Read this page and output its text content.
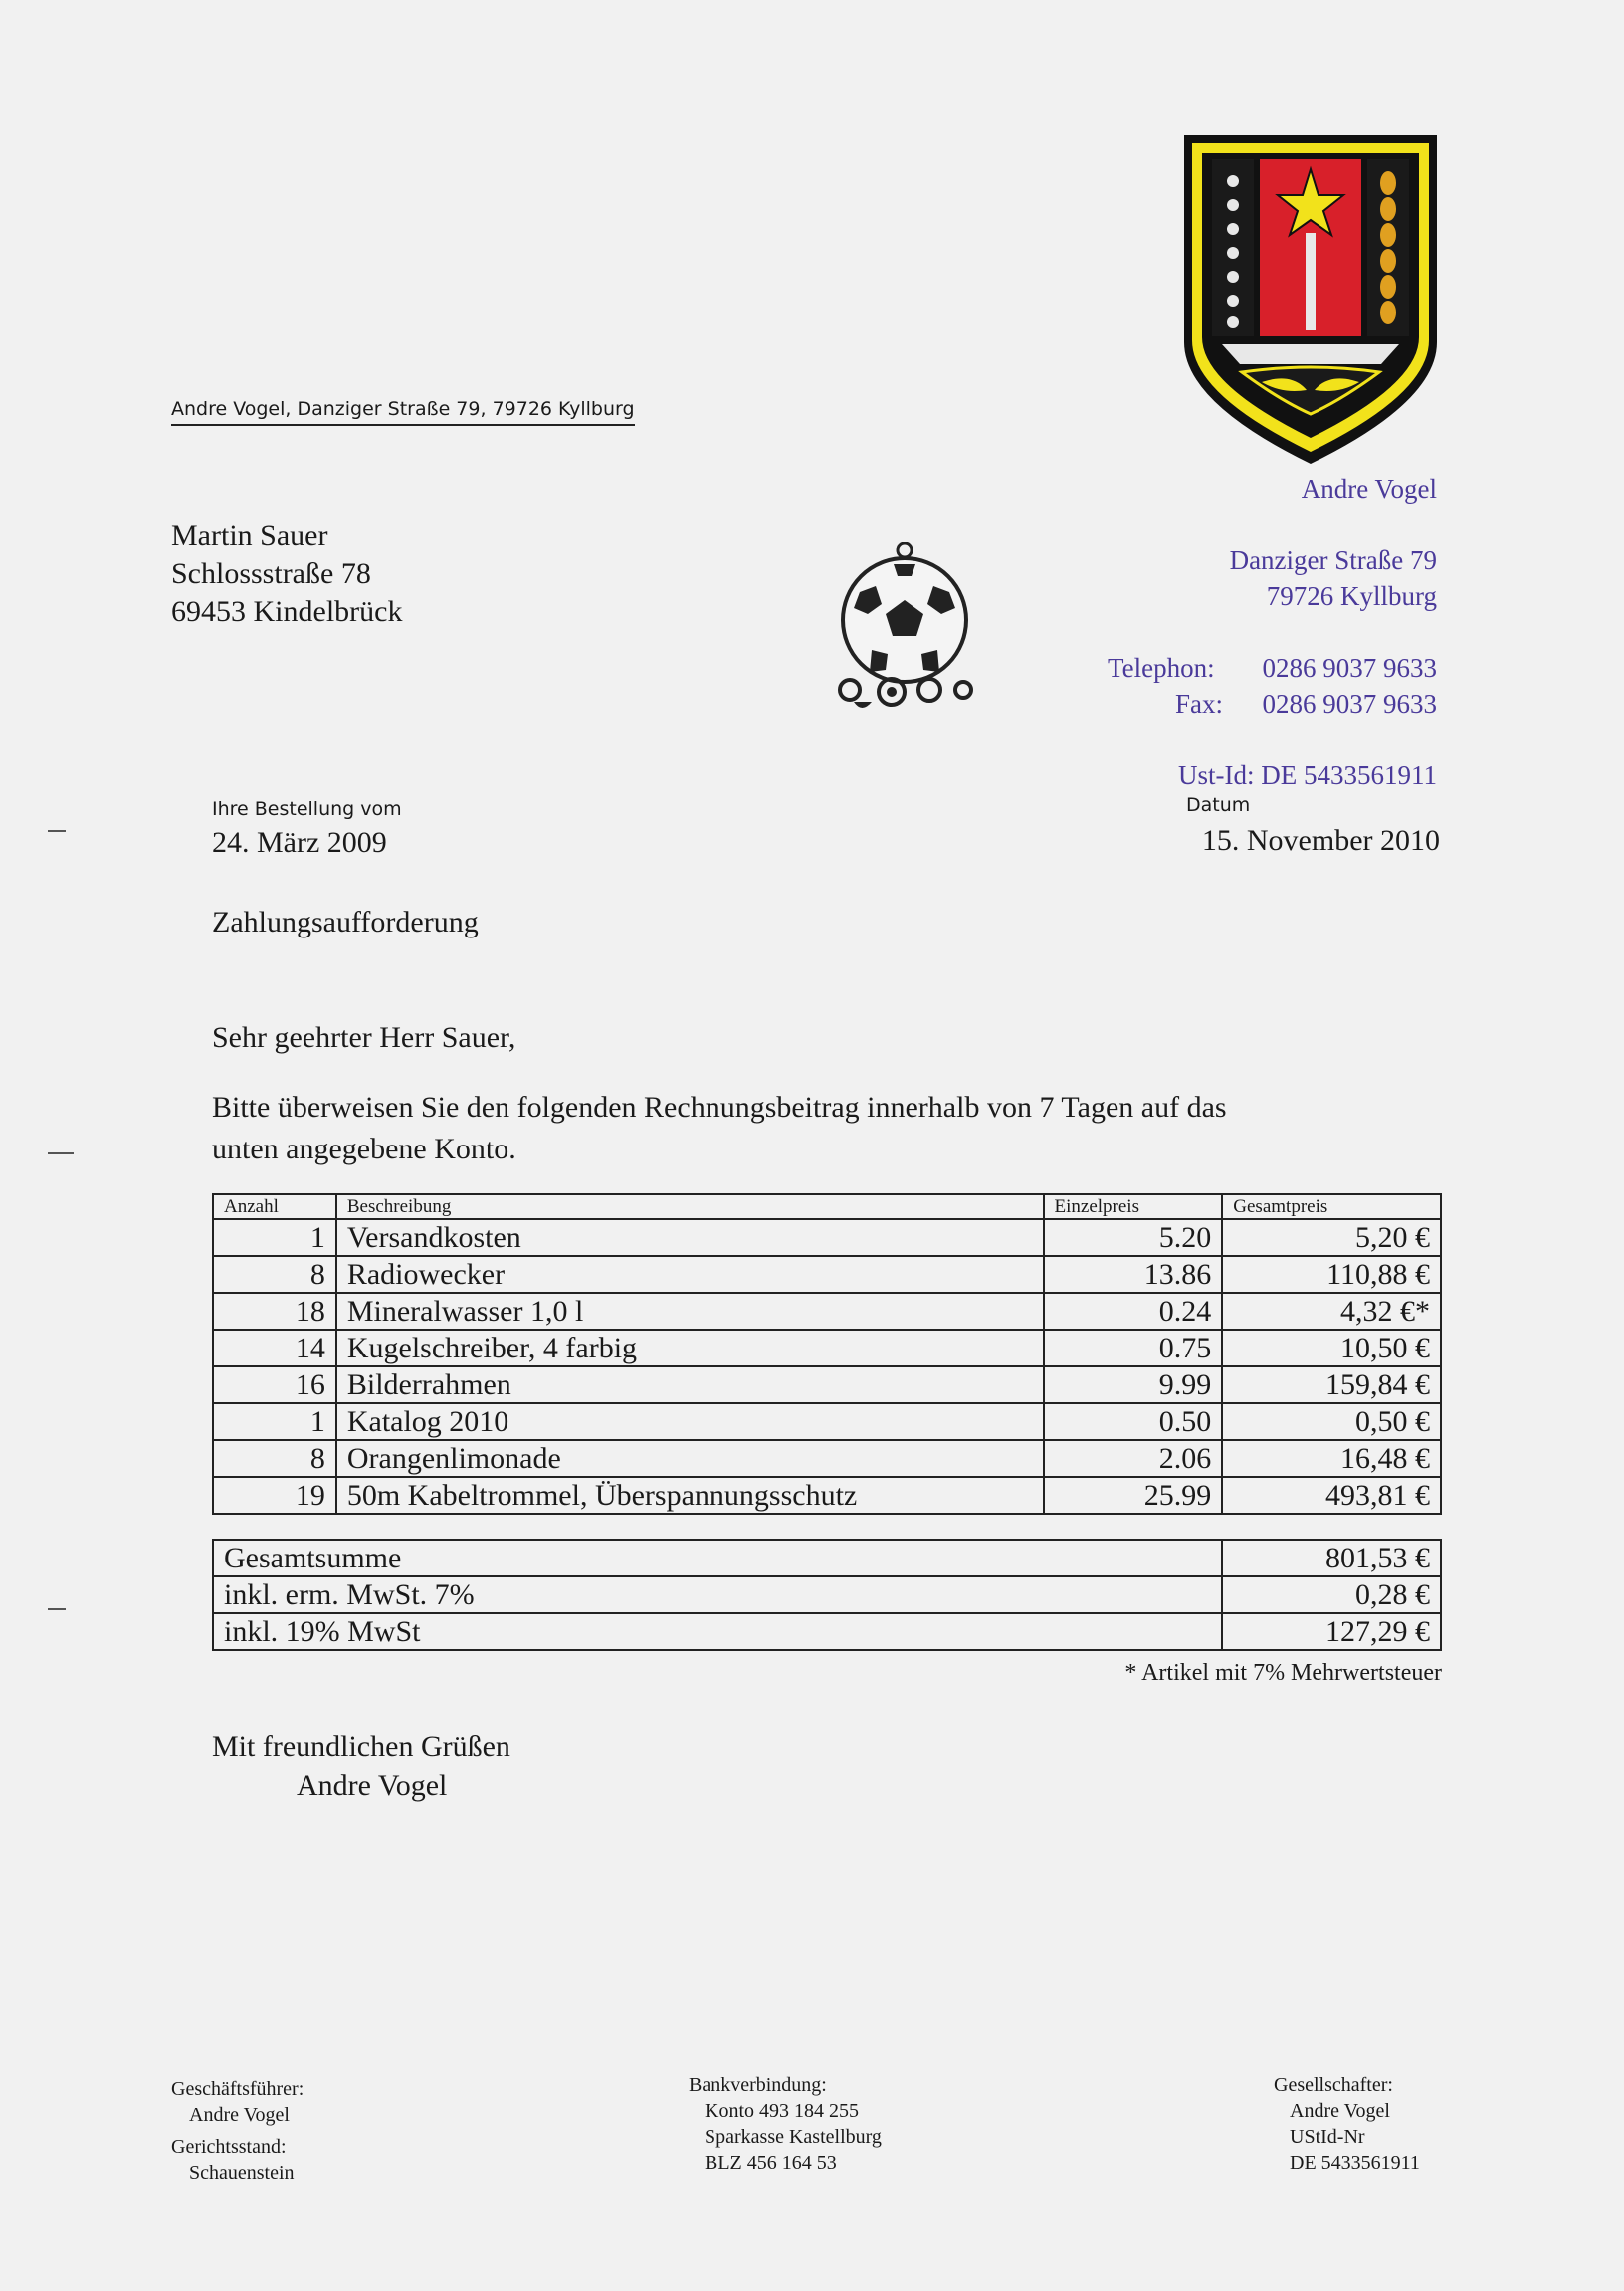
Andre Vogel, Danziger Straße 79, 79726 Kyllburg
Martin Sauer
Schlossstraße 78
69453 Kindelbrück
Andre Vogel
Danziger Straße 79
79726 Kyllburg
Telephon: 0286 9037 9633
Fax: 0286 9037 9633
Ust-Id: DE 5433561911
Ihre Bestellung vom
24. März 2009
Datum
15. November 2010
Zahlungsaufforderung
Sehr geehrter Herr Sauer,
Bitte überweisen Sie den folgenden Rechnungsbeitrag innerhalb von 7 Tagen auf das
unten angegebene Konto.
Anzahl	Beschreibung	Einzelpreis	Gesamtpreis
1	Versandkosten	5.20	5,20 €
8	Radiowecker	13.86	110,88 €
18	Mineralwasser 1,0 l	0.24	4,32 €*
14	Kugelschreiber, 4 farbig	0.75	10,50 €
16	Bilderrahmen	9.99	159,84 €
1	Katalog 2010	0.50	0,50 €
8	Orangenlimonade	2.06	16,48 €
19	50m Kabeltrommel, Überspannungsschutz	25.99	493,81 €
Gesamtsumme	801,53 €
inkl. erm. MwSt. 7%	0,28 €
inkl. 19% MwSt	127,29 €
* Artikel mit 7% Mehrwertsteuer
Mit freundlichen Grüßen
Andre Vogel
Geschäftsführer:
Andre Vogel
Gerichtsstand:
Schauenstein
Bankverbindung:
Konto 493 184 255
Sparkasse Kastellburg
BLZ 456 164 53
Gesellschafter:
Andre Vogel
UStId-Nr
DE 5433561911
